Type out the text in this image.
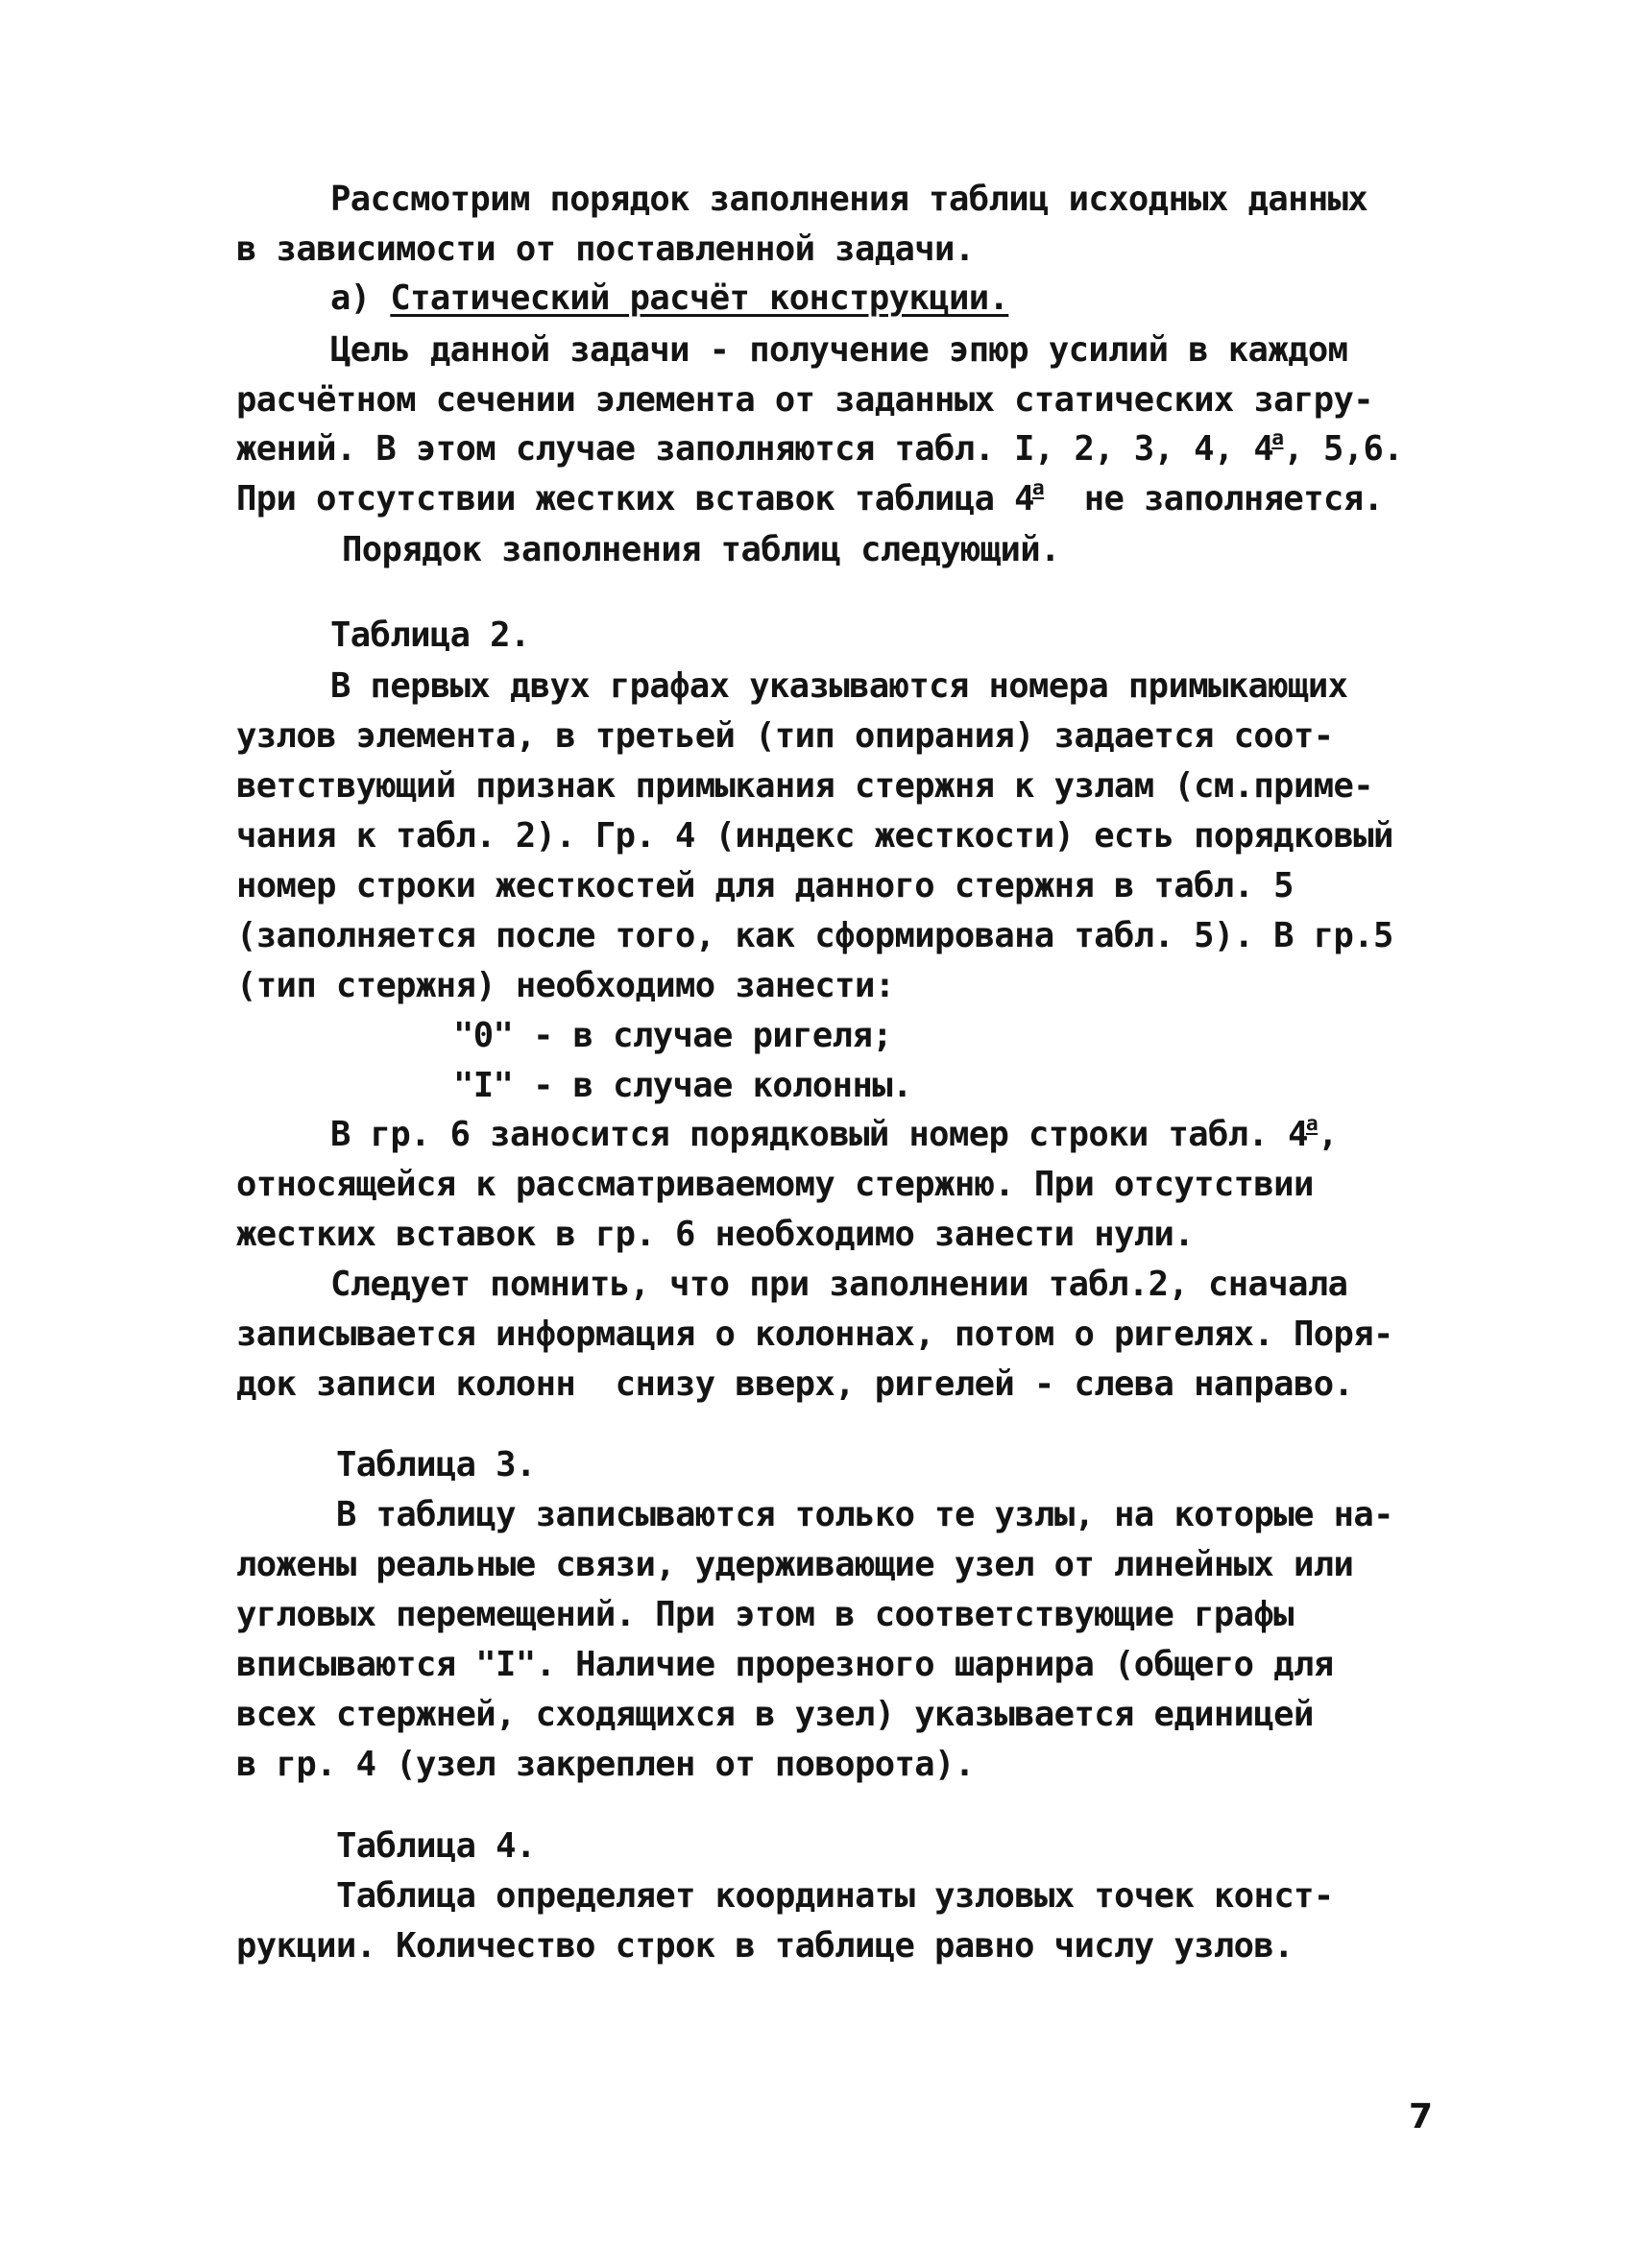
Рассмотрим порядок заполнения таблиц исходных данных
в зависимости от поставленной задачи.
а) Статический расчёт конструкции.
Цель данной задачи - получение эпюр усилий в каждом
расчётном сечении элемента от заданных статических загру-
жений. В этом случае заполняются табл. I, 2, 3, 4, $4^а$, 5,6.
При отсутствии жестких вставок таблица $4^а$  не заполняется.
Порядок заполнения таблиц следующий.
Таблица 2.
В первых двух графах указываются номера примыкающих
узлов элемента, в третьей (тип опирания) задается соот-
ветствующий признак примыкания стержня к узлам (см.приме-
чания к табл. 2). Гр. 4 (индекс жесткости) есть порядковый
номер строки жесткостей для данного стержня в табл. 5
(заполняется после того, как сформирована табл. 5). В гр.5
(тип стержня) необходимо занести:
"0" - в случае ригеля;
"I" - в случае колонны.
В гр. 6 заносится порядковый номер строки табл. $4^а$,
относящейся к рассматриваемому стержню. При отсутствии
жестких вставок в гр. 6 необходимо занести нули.
Следует помнить, что при заполнении табл.2, сначала
записывается информация о колоннах, потом о ригелях. Поря-
док записи колонн  снизу вверх, ригелей - слева направо.
Таблица 3.
В таблицу записываются только те узлы, на которые на-
ложены реальные связи, удерживающие узел от линейных или
угловых перемещений. При этом в соответствующие графы
вписываются "I". Наличие прорезного шарнира (общего для
всех стержней, сходящихся в узел) указывается единицей
в гр. 4 (узел закреплен от поворота).
Таблица 4.
Таблица определяет координаты узловых точек конст-
рукции. Количество строк в таблице равно числу узлов.
7
